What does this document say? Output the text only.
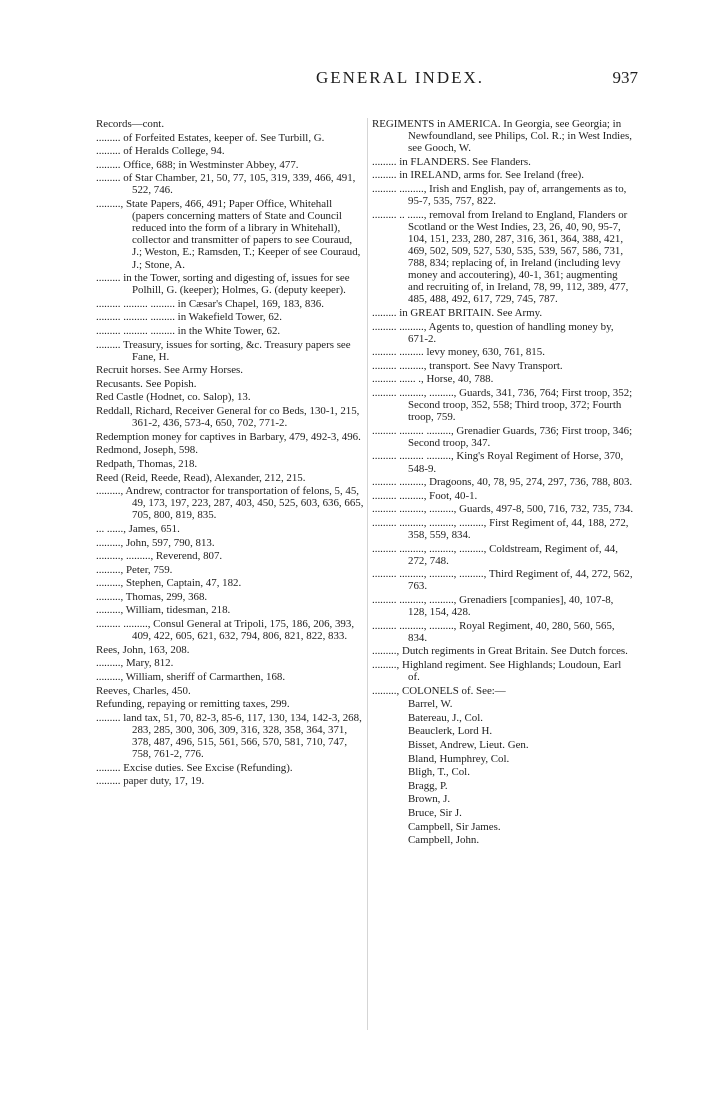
GENERAL INDEX.	937

Records—cont.

......... of Forfeited Estates, keeper of. See Turbill, G.

......... of Heralds College, 94.

......... Office, 688; in Westminster Abbey, 477.

......... of Star Chamber, 21, 50, 77, 105, 319, 339, 466, 491, 522, 746.

........., State Papers, 466, 491; Paper Office, Whitehall (papers concerning matters of State and Council reduced into the form of a library in Whitehall), collector and transmitter of papers to see Couraud, J.; Weston, E.; Ramsden, T.; Keeper of see Couraud, J.; Stone, A.

......... in the Tower, sorting and digesting of, issues for see Polhill, G. (keeper); Holmes, G. (deputy keeper).

......... ......... ......... in Cæsar's Chapel, 169, 183, 836.

......... ......... ......... in Wakefield Tower, 62.

......... ......... ......... in the White Tower, 62.

......... Treasury, issues for sorting, &c. Treasury papers see Fane, H.

Recruit horses. See Army Horses.

Recusants. See Popish.

Red Castle (Hodnet, co. Salop), 13.

Reddall, Richard, Receiver General for co Beds, 130-1, 215, 361-2, 436, 573-4, 650, 702, 771-2.

Redemption money for captives in Barbary, 479, 492-3, 496.

Redmond, Joseph, 598.

Redpath, Thomas, 218.

Reed (Reid, Reede, Read), Alexander, 212, 215.

........., Andrew, contractor for transportation of felons, 5, 45, 49, 173, 197, 223, 287, 403, 450, 525, 603, 636, 665, 705, 800, 819, 835.

... ......, James, 651.

........., John, 597, 790, 813.

........., ........., Reverend, 807.

........., Peter, 759.

........., Stephen, Captain, 47, 182.

........., Thomas, 299, 368.

........., William, tidesman, 218.

......... ........., Consul General at Tripoli, 175, 186, 206, 393, 409, 422, 605, 621, 632, 794, 806, 821, 822, 833.

Rees, John, 163, 208.

........., Mary, 812.

........., William, sheriff of Carmarthen, 168.

Reeves, Charles, 450.

Refunding, repaying or remitting taxes, 299.

......... land tax, 51, 70, 82-3, 85-6, 117, 130, 134, 142-3, 268, 283, 285, 300, 306, 309, 316, 328, 358, 364, 371, 378, 487, 496, 515, 561, 566, 570, 581, 710, 747, 758, 761-2, 776.

......... Excise duties. See Excise (Refunding).

......... paper duty, 17, 19.

REGIMENTS in AMERICA. In Georgia, see Georgia; in Newfoundland, see Philips, Col. R.; in West Indies, see Gooch, W.

......... in FLANDERS. See Flanders.

......... in IRELAND, arms for. See Ireland (free).

......... ........., Irish and English, pay of, arrangements as to, 95-7, 535, 757, 822.

......... .. ......, removal from Ireland to England, Flanders or Scotland or the West Indies, 23, 26, 40, 90, 95-7, 104, 151, 233, 280, 287, 316, 361, 364, 388, 421, 469, 502, 509, 527, 530, 535, 539, 567, 586, 731, 788, 834; replacing of, in Ireland (including levy money and accoutering), 40-1, 361; augmenting and recruiting of, in Ireland, 78, 99, 112, 389, 477, 485, 488, 492, 617, 729, 745, 787.

......... in GREAT BRITAIN. See Army.

......... ........., Agents to, question of handling money by, 671-2.

......... ......... levy money, 630, 761, 815.

......... ........., transport. See Navy Transport.

......... ...... ., Horse, 40, 788.

......... ........., ........., Guards, 341, 736, 764; First troop, 352; Second troop, 352, 558; Third troop, 372; Fourth troop, 759.

......... ......... ........., Grenadier Guards, 736; First troop, 346; Second troop, 347.

......... ......... ........., King's Royal Regiment of Horse, 370, 548-9.

......... ........., Dragoons, 40, 78, 95, 274, 297, 736, 788, 803.

......... ........., Foot, 40-1.

......... ........., ........., Guards, 497-8, 500, 716, 732, 735, 734.

......... ........., ........., ........., First Regiment of, 44, 188, 272, 358, 559, 834.

......... ........., ........., ........., Coldstream, Regiment of, 44, 272, 748.

......... ........., ........., ........., Third Regiment of, 44, 272, 562, 763.

......... ........., ........., Grenadiers [companies], 40, 107-8, 128, 154, 428.

......... ........., ........., Royal Regiment, 40, 280, 560, 565, 834.

........., Dutch regiments in Great Britain. See Dutch forces.

........., Highland regiment. See Highlands; Loudoun, Earl of.

........., COLONELS of. See:—

Barrel, W.

Batereau, J., Col.

Beauclerk, Lord H.

Bisset, Andrew, Lieut. Gen.

Bland, Humphrey, Col.

Bligh, T., Col.

Bragg, P.

Brown, J.

Bruce, Sir J.

Campbell, Sir James.

Campbell, John.
